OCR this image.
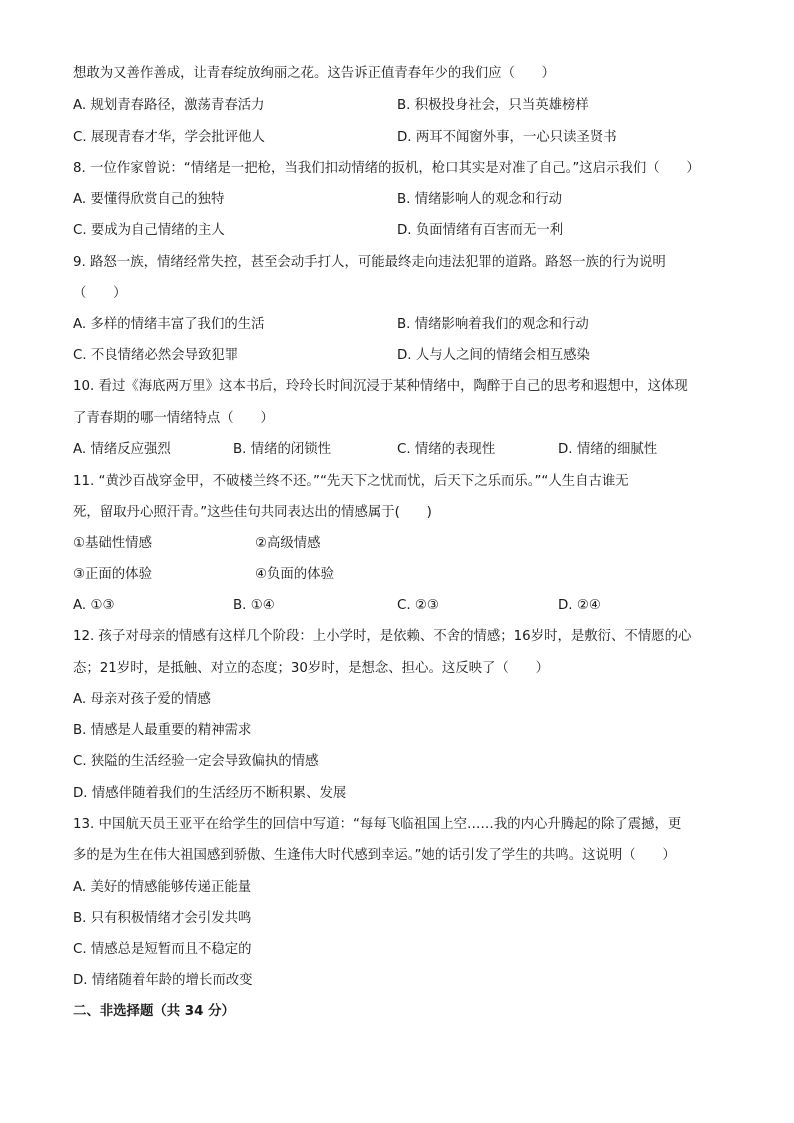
想敢为又善作善成，让青春绽放绚丽之花。这告诉正值青春年少的我们应（　　）
A. 规划青春路径，激荡青春活力	B. 积极投身社会，只当英雄榜样
C. 展现青春才华，学会批评他人	D. 两耳不闻窗外事，一心只读圣贤书
8. 一位作家曾说：“情绪是一把枪，当我们扣动情绪的扳机，枪口其实是对准了自己。”这启示我们（　　）
A. 要懂得欣赏自己的独特	B. 情绪影响人的观念和行动
C. 要成为自己情绪的主人	D. 负面情绪有百害而无一利
9. 路怒一族，情绪经常失控，甚至会动手打人，可能最终走向违法犯罪的道路。路怒一族的行为说明
（　　）
A. 多样的情绪丰富了我们的生活	B. 情绪影响着我们的观念和行动
C. 不良情绪必然会导致犯罪	D. 人与人之间的情绪会相互感染
10. 看过《海底两万里》这本书后，玲玲长时间沉浸于某种情绪中，陶醉于自己的思考和遐想中，这体现
了青春期的哪一情绪特点（　　）
A. 情绪反应强烈	B. 情绪的闭锁性	C. 情绪的表现性	D. 情绪的细腻性
11. “黄沙百战穿金甲，不破楼兰终不还。”“先天下之忧而忧，后天下之乐而乐。”“人生自古谁无
死，留取丹心照汗青。”这些佳句共同表达出的情感属于(　　)
①基础性情感	②高级情感
③正面的体验	④负面的体验
A. ①③	B. ①④	C. ②③	D. ②④
12. 孩子对母亲的情感有这样几个阶段：上小学时，是依赖、不舍的情感；16岁时，是敷衍、不情愿的心
态；21岁时，是抵触、对立的态度；30岁时，是想念、担心。这反映了（　　）
A. 母亲对孩子爱的情感
B. 情感是人最重要的精神需求
C. 狭隘的生活经验一定会导致偏执的情感
D. 情感伴随着我们的生活经历不断积累、发展
13. 中国航天员王亚平在给学生的回信中写道：“每每飞临祖国上空……我的内心升腾起的除了震撼，更
多的是为生在伟大祖国感到骄傲、生逢伟大时代感到幸运。”她的话引发了学生的共鸣。这说明（　　）
A. 美好的情感能够传递正能量
B. 只有积极情绪才会引发共鸣
C. 情感总是短暂而且不稳定的
D. 情绪随着年龄的增长而改变
二、非选择题（共 34 分）
